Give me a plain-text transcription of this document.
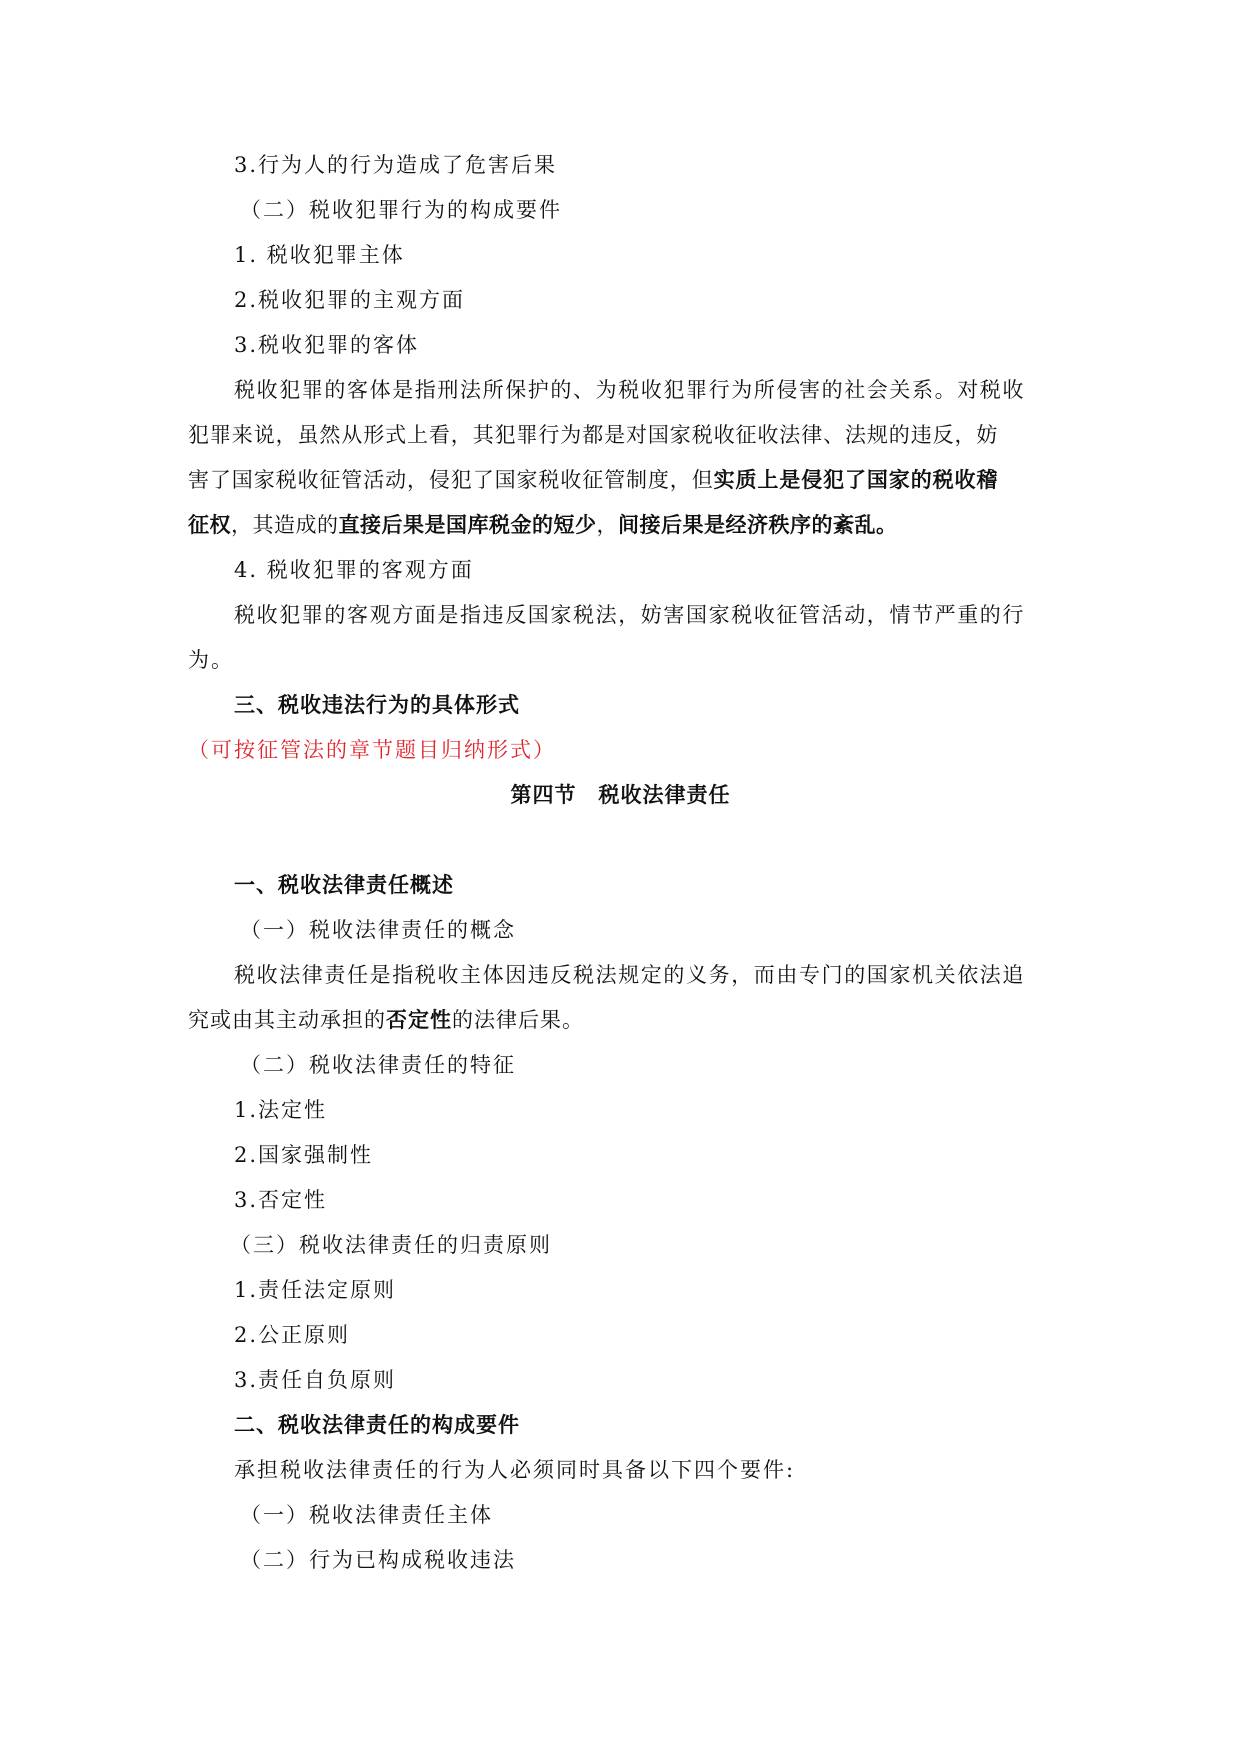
3.行为人的行为造成了危害后果
（二）税收犯罪行为的构成要件
1. 税收犯罪主体
2.税收犯罪的主观方面
3.税收犯罪的客体
税收犯罪的客体是指刑法所保护的、为税收犯罪行为所侵害的社会关系。对税收
犯罪来说，虽然从形式上看，其犯罪行为都是对国家税收征收法律、法规的违反，妨
害了国家税收征管活动，侵犯了国家税收征管制度，但实质上是侵犯了国家的税收稽
征权，其造成的直接后果是国库税金的短少，间接后果是经济秩序的紊乱。
4. 税收犯罪的客观方面
税收犯罪的客观方面是指违反国家税法，妨害国家税收征管活动，情节严重的行
为。
三、税收违法行为的具体形式
（可按征管法的章节题目归纳形式）
第四节　税收法律责任
一、税收法律责任概述
（一）税收法律责任的概念
税收法律责任是指税收主体因违反税法规定的义务，而由专门的国家机关依法追
究或由其主动承担的否定性的法律后果。
（二）税收法律责任的特征
1.法定性
2.国家强制性
3.否定性
（三）税收法律责任的归责原则
1.责任法定原则
2.公正原则
3.责任自负原则
二、税收法律责任的构成要件
承担税收法律责任的行为人必须同时具备以下四个要件:
（一）税收法律责任主体
（二）行为已构成税收违法
